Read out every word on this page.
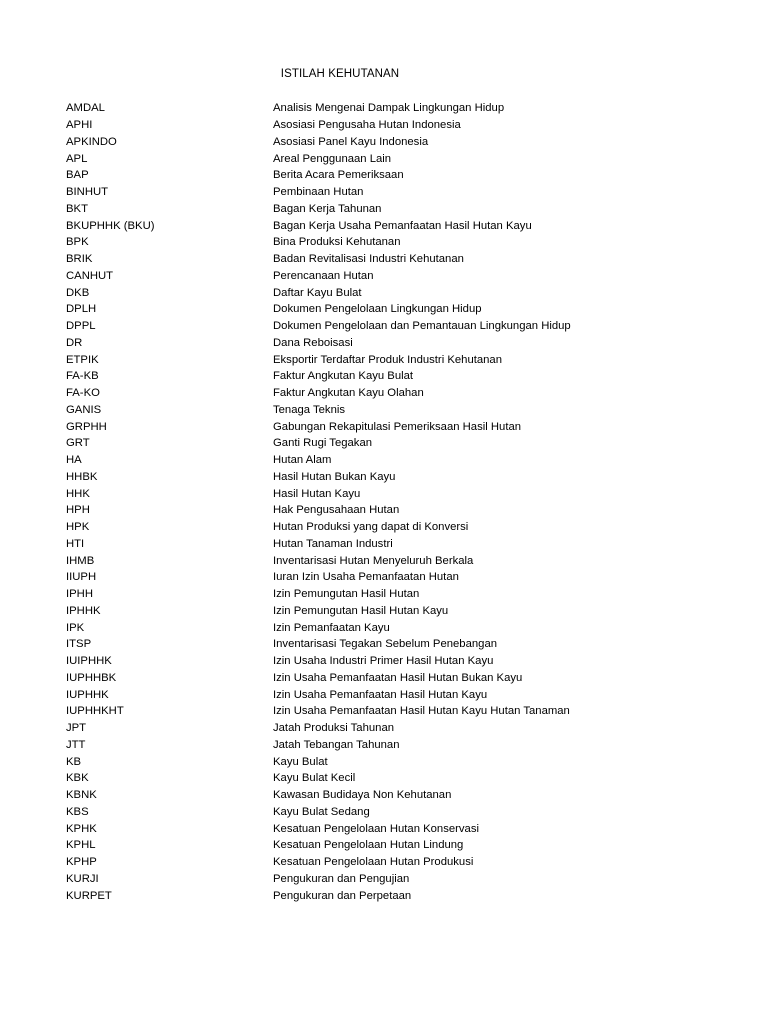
ISTILAH KEHUTANAN
AMDAL	Analisis Mengenai Dampak Lingkungan Hidup
APHI	Asosiasi Pengusaha Hutan Indonesia
APKINDO	Asosiasi Panel Kayu Indonesia
APL	Areal Penggunaan Lain
BAP	Berita Acara Pemeriksaan
BINHUT	Pembinaan Hutan
BKT	Bagan Kerja Tahunan
BKUPHHK (BKU)	Bagan Kerja Usaha Pemanfaatan Hasil Hutan Kayu
BPK	Bina Produksi Kehutanan
BRIK	Badan Revitalisasi Industri Kehutanan
CANHUT	Perencanaan Hutan
DKB	Daftar Kayu Bulat
DPLH	Dokumen Pengelolaan Lingkungan Hidup
DPPL	Dokumen Pengelolaan dan Pemantauan Lingkungan Hidup
DR	Dana Reboisasi
ETPIK	Eksportir Terdaftar Produk Industri Kehutanan
FA-KB	Faktur Angkutan Kayu Bulat
FA-KO	Faktur Angkutan Kayu Olahan
GANIS	Tenaga Teknis
GRPHH	Gabungan Rekapitulasi Pemeriksaan Hasil Hutan
GRT	Ganti Rugi Tegakan
HA	Hutan Alam
HHBK	Hasil Hutan Bukan Kayu
HHK	Hasil Hutan Kayu
HPH	Hak Pengusahaan Hutan
HPK	Hutan Produksi yang dapat di Konversi
HTI	Hutan Tanaman Industri
IHMB	Inventarisasi Hutan Menyeluruh Berkala
IIUPH	Iuran Izin Usaha Pemanfaatan Hutan
IPHH	Izin Pemungutan Hasil Hutan
IPHHK	Izin Pemungutan Hasil Hutan Kayu
IPK	Izin Pemanfaatan Kayu
ITSP	Inventarisasi Tegakan Sebelum Penebangan
IUIPHHK	Izin Usaha Industri Primer Hasil Hutan Kayu
IUPHHBK	Izin Usaha Pemanfaatan Hasil Hutan Bukan Kayu
IUPHHK	Izin Usaha Pemanfaatan Hasil Hutan Kayu
IUPHHKHT	Izin Usaha Pemanfaatan Hasil Hutan Kayu Hutan Tanaman
JPT	Jatah Produksi Tahunan
JTT	Jatah Tebangan Tahunan
KB	Kayu Bulat
KBK	Kayu Bulat Kecil
KBNK	Kawasan Budidaya Non Kehutanan
KBS	Kayu Bulat Sedang
KPHK	Kesatuan Pengelolaan Hutan Konservasi
KPHL	Kesatuan Pengelolaan Hutan Lindung
KPHP	Kesatuan Pengelolaan Hutan Produkusi
KURJI	Pengukuran dan Pengujian
KURPET	Pengukuran dan Perpetaan
